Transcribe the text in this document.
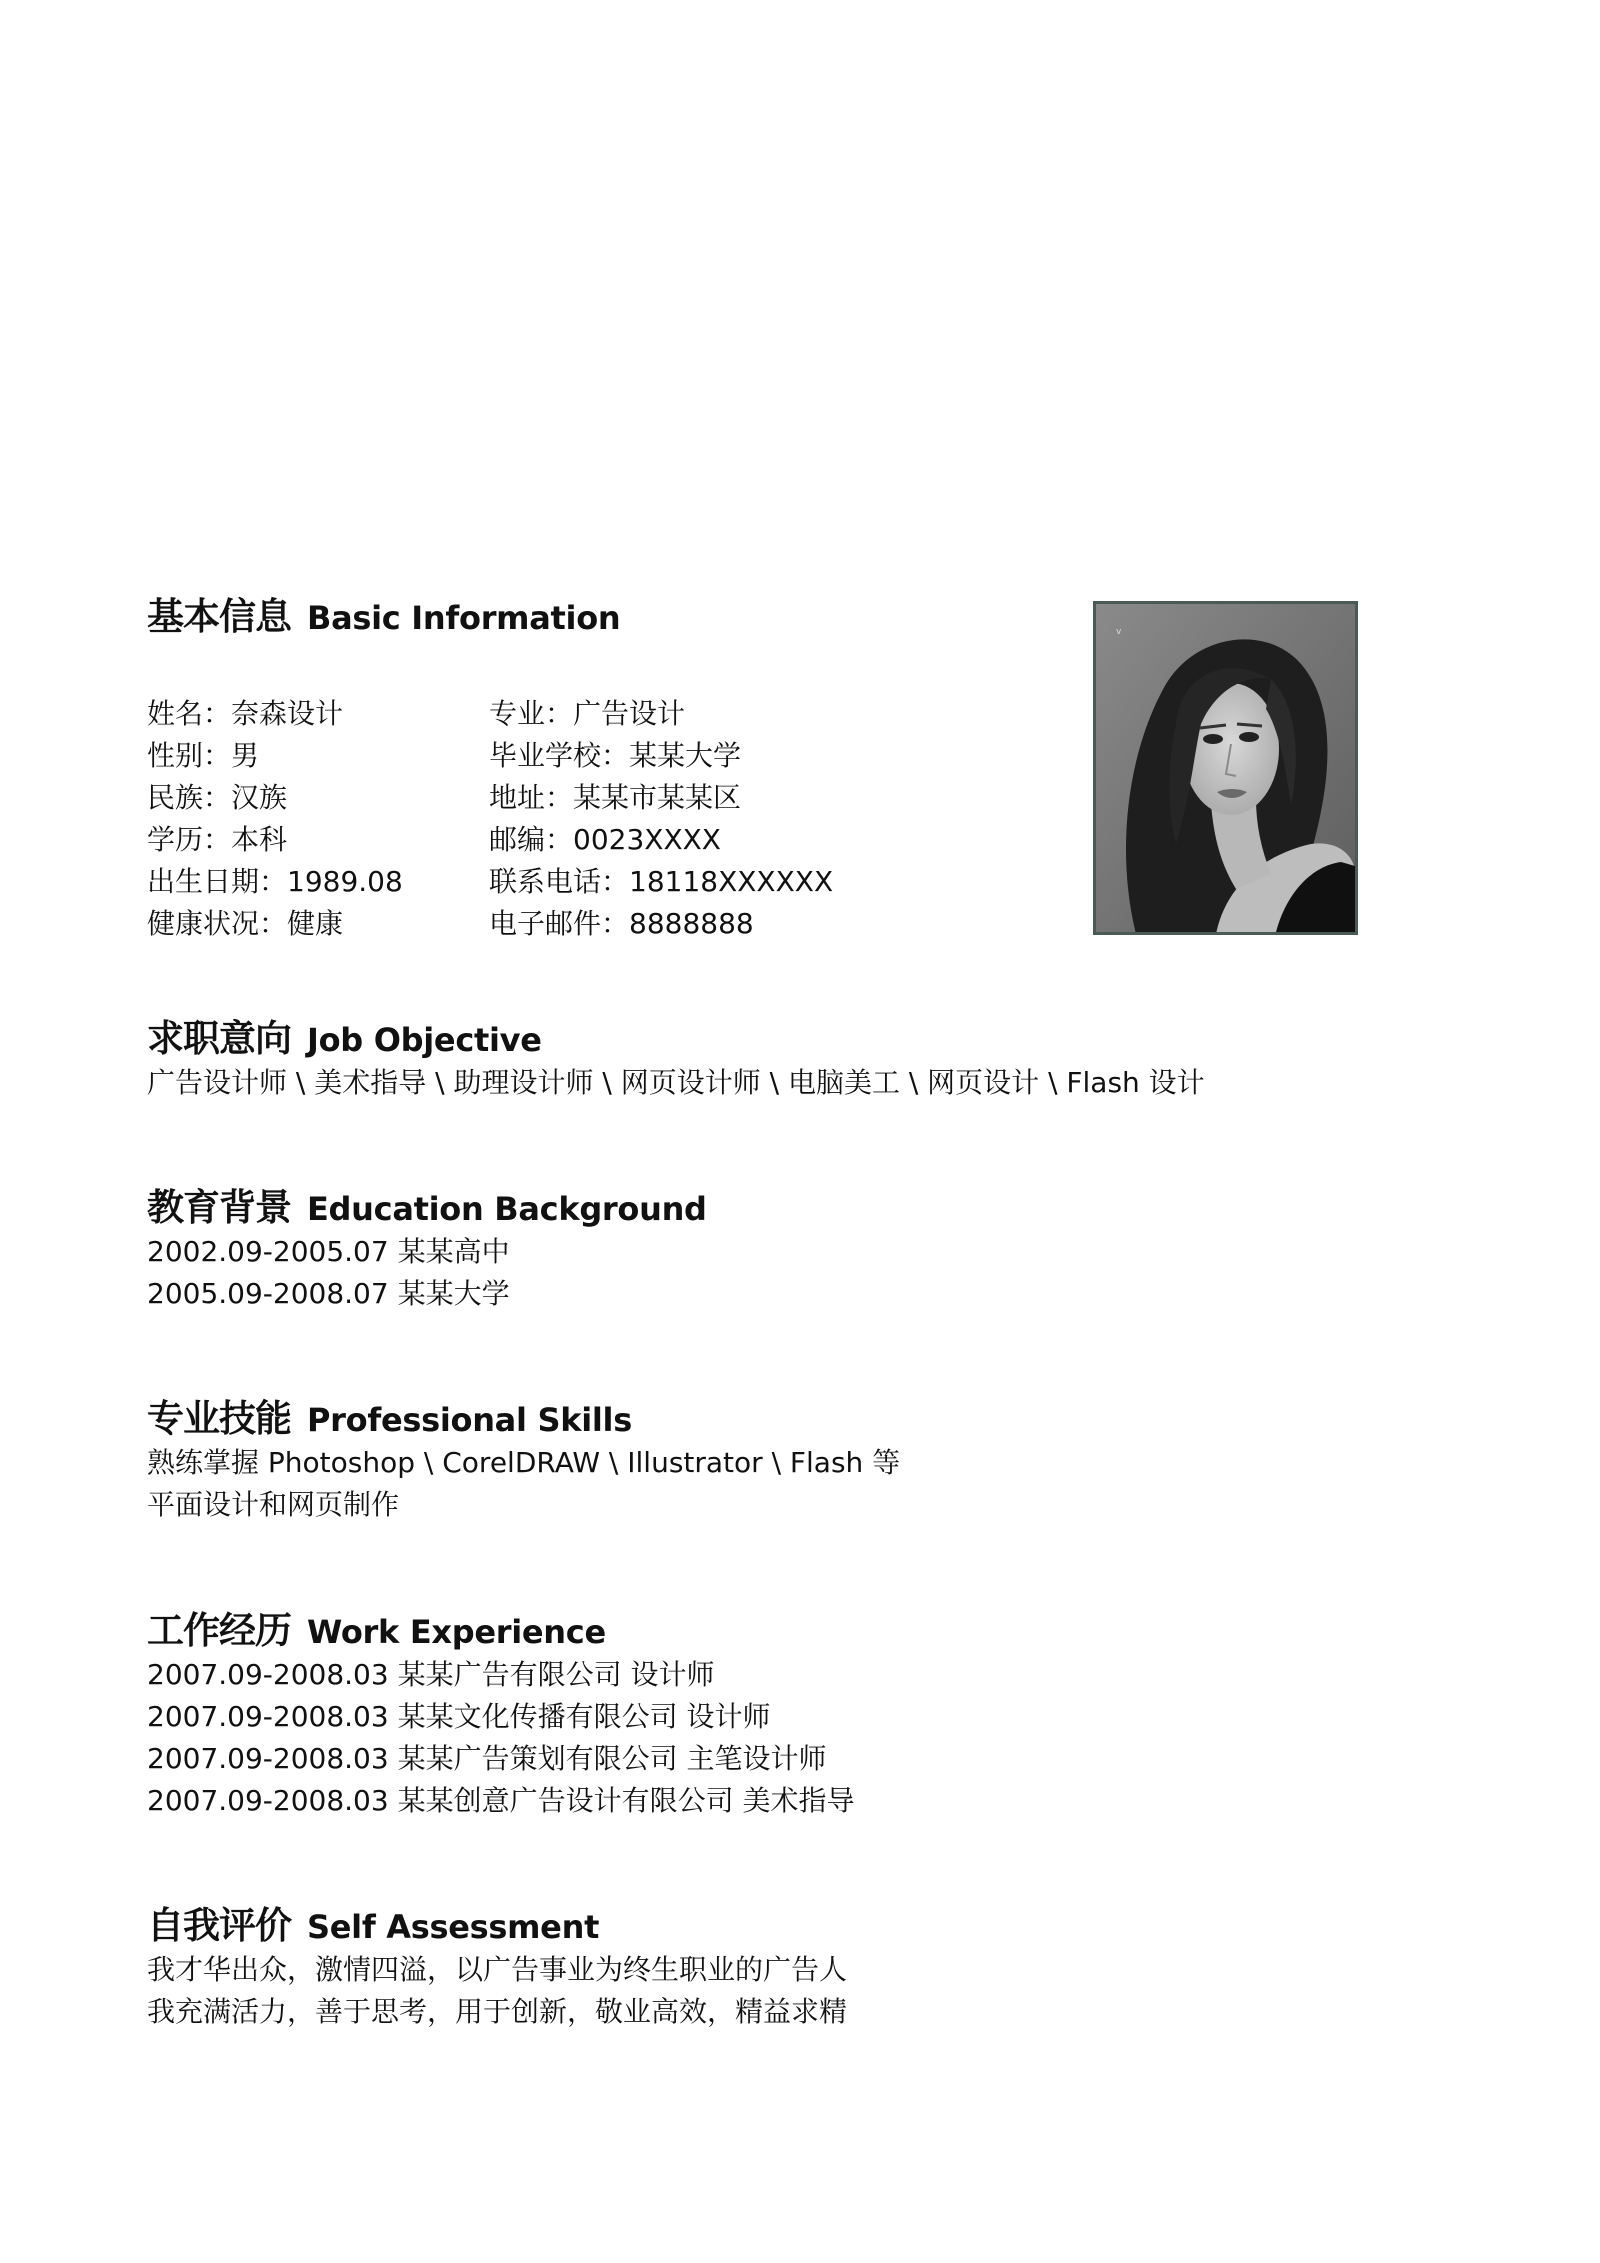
基本信息 Basic Information
姓名：奈森设计
性别：男
民族：汉族
学历：本科
出生日期：1989.08
健康状况：健康
专业：广告设计
毕业学校：某某大学
地址：某某市某某区
邮编：0023XXXX
联系电话：18118XXXXXX
电子邮件：8888888
v
求职意向 Job Objective
广告设计师 \ 美术指导 \ 助理设计师 \ 网页设计师 \ 电脑美工 \ 网页设计 \ Flash 设计
教育背景 Education Background
2002.09-2005.07 某某高中
2005.09-2008.07 某某大学
专业技能 Professional Skills
熟练掌握 Photoshop \ CorelDRAW \ Illustrator \ Flash 等
平面设计和网页制作
工作经历 Work Experience
2007.09-2008.03 某某广告有限公司 设计师
2007.09-2008.03 某某文化传播有限公司 设计师
2007.09-2008.03 某某广告策划有限公司 主笔设计师
2007.09-2008.03 某某创意广告设计有限公司 美术指导
自我评价 Self Assessment
我才华出众，激情四溢，以广告事业为终生职业的广告人
我充满活力，善于思考，用于创新，敬业高效，精益求精
